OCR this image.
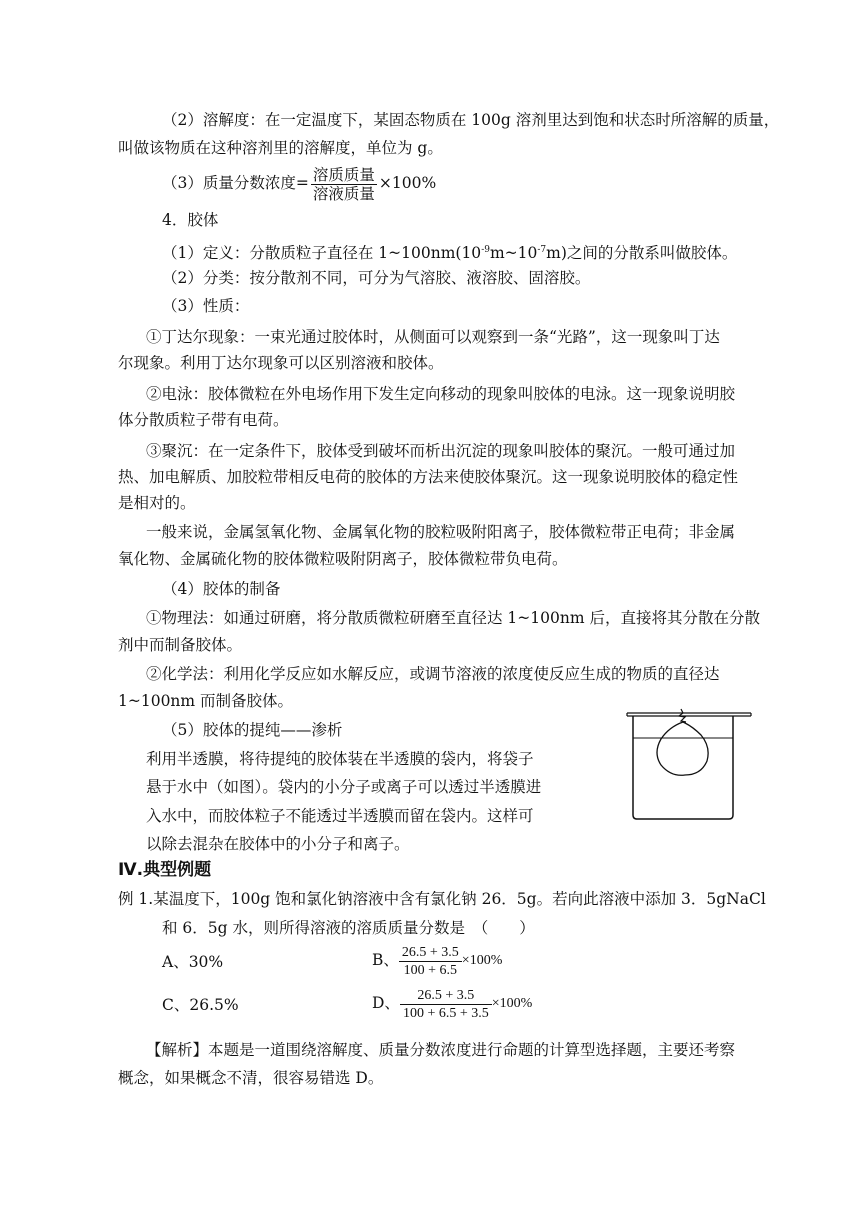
（2）溶解度：在一定温度下，某固态物质在 100g 溶剂里达到饱和状态时所溶解的质量，
叫做该物质在这种溶剂里的溶解度，单位为 g。
（3）质量分数浓度= $\frac{\text{溶质质量}}{\text{溶液质量}} \times 100\%$
4．胶体
（1）定义：分散质粒子直径在 $1\sim 100nm(10^{-9}m\sim 10^{-7}m)$之间的分散系叫做胶体。
（2）分类：按分散剂不同，可分为气溶胶、液溶胶、固溶胶。
（3）性质：
①丁达尔现象：一束光通过胶体时，从侧面可以观察到一条“光路”，这一现象叫丁达
尔现象。利用丁达尔现象可以区别溶液和胶体。
②电泳：胶体微粒在外电场作用下发生定向移动的现象叫胶体的电泳。这一现象说明胶
体分散质粒子带有电荷。
③聚沉：在一定条件下，胶体受到破坏而析出沉淀的现象叫胶体的聚沉。一般可通过加
热、加电解质、加胶粒带相反电荷的胶体的方法来使胶体聚沉。这一现象说明胶体的稳定性
是相对的。
一般来说，金属氢氧化物、金属氧化物的胶粒吸附阳离子，胶体微粒带正电荷；非金属
氧化物、金属硫化物的胶体微粒吸附阴离子，胶体微粒带负电荷。
（4）胶体的制备
①物理法：如通过研磨，将分散质微粒研磨至直径达 1~100nm 后，直接将其分散在分散
剂中而制备胶体。
②化学法：利用化学反应如水解反应，或调节溶液的浓度使反应生成的物质的直径达
1~100nm 而制备胶体。
（5）胶体的提纯——渗析
利用半透膜，将待提纯的胶体装在半透膜的袋内，将袋子
悬于水中（如图）。袋内的小分子或离子可以透过半透膜进
入水中，而胶体粒子不能透过半透膜而留在袋内。这样可
以除去混杂在胶体中的小分子和离子。
Ⅳ.典型例题
例 1.某温度下，100g 饱和氯化钠溶液中含有氯化钠 26．5g。若向此溶液中添加 3．5gNaCl
和 6．5g 水，则所得溶液的溶质质量分数是　（　　）
A、30%	B、 $\frac{26.5 + 3.5}{100 + 6.5} \times 100\%$
C、26.5%	D、 $\frac{26.5 + 3.5}{100 + 6.5 + 3.5} \times 100\%$
【解析】本题是一道围绕溶解度、质量分数浓度进行命题的计算型选择题，主要还考察
概念，如果概念不清，很容易错选 D。
